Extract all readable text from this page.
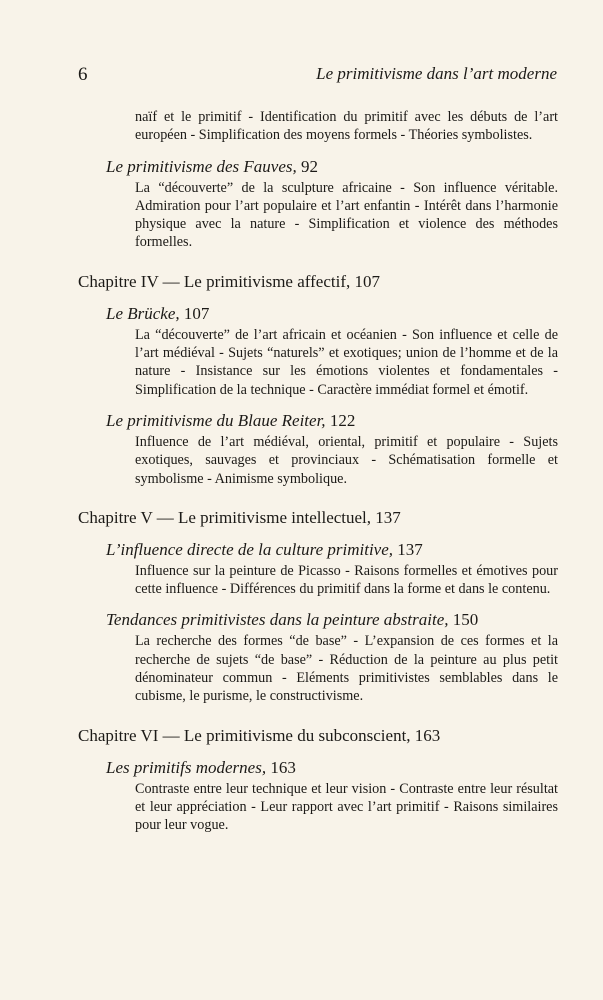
6	Le primitivisme dans l’art moderne

naïf et le primitif - Identification du primitif avec les débuts de l’art européen - Simplification des moyens formels - Théories symbolistes.

Le primitivisme des Fauves, 92
La “découverte” de la sculpture africaine - Son influence véritable. Admiration pour l’art populaire et l’art enfantin - Intérêt dans l’harmonie physique avec la nature - Simplification et violence des méthodes formelles.
Chapitre IV — Le primitivisme affectif, 107
Le Brücke, 107
La “découverte” de l’art africain et océanien - Son influence et celle de l’art médiéval - Sujets “naturels” et exotiques; union de l’homme et de la nature - Insistance sur les émotions violentes et fondamentales - Simplification de la technique - Caractère immédiat formel et émotif.
Le primitivisme du Blaue Reiter, 122
Influence de l’art médiéval, oriental, primitif et populaire - Sujets exotiques, sauvages et provinciaux - Schématisation formelle et symbolisme - Animisme symbolique.
Chapitre V — Le primitivisme intellectuel, 137
L’influence directe de la culture primitive, 137
Influence sur la peinture de Picasso - Raisons formelles et émotives pour cette influence - Différences du primitif dans la forme et dans le contenu.
Tendances primitivistes dans la peinture abstraite, 150
La recherche des formes “de base” - L’expansion de ces formes et la recherche de sujets “de base” - Réduction de la peinture au plus petit dénominateur commun - Eléments primitivistes semblables dans le cubisme, le purisme, le constructivisme.
Chapitre VI — Le primitivisme du subconscient, 163
Les primitifs modernes, 163
Contraste entre leur technique et leur vision - Contraste entre leur résultat et leur appréciation - Leur rapport avec l’art primitif - Raisons similaires pour leur vogue.
